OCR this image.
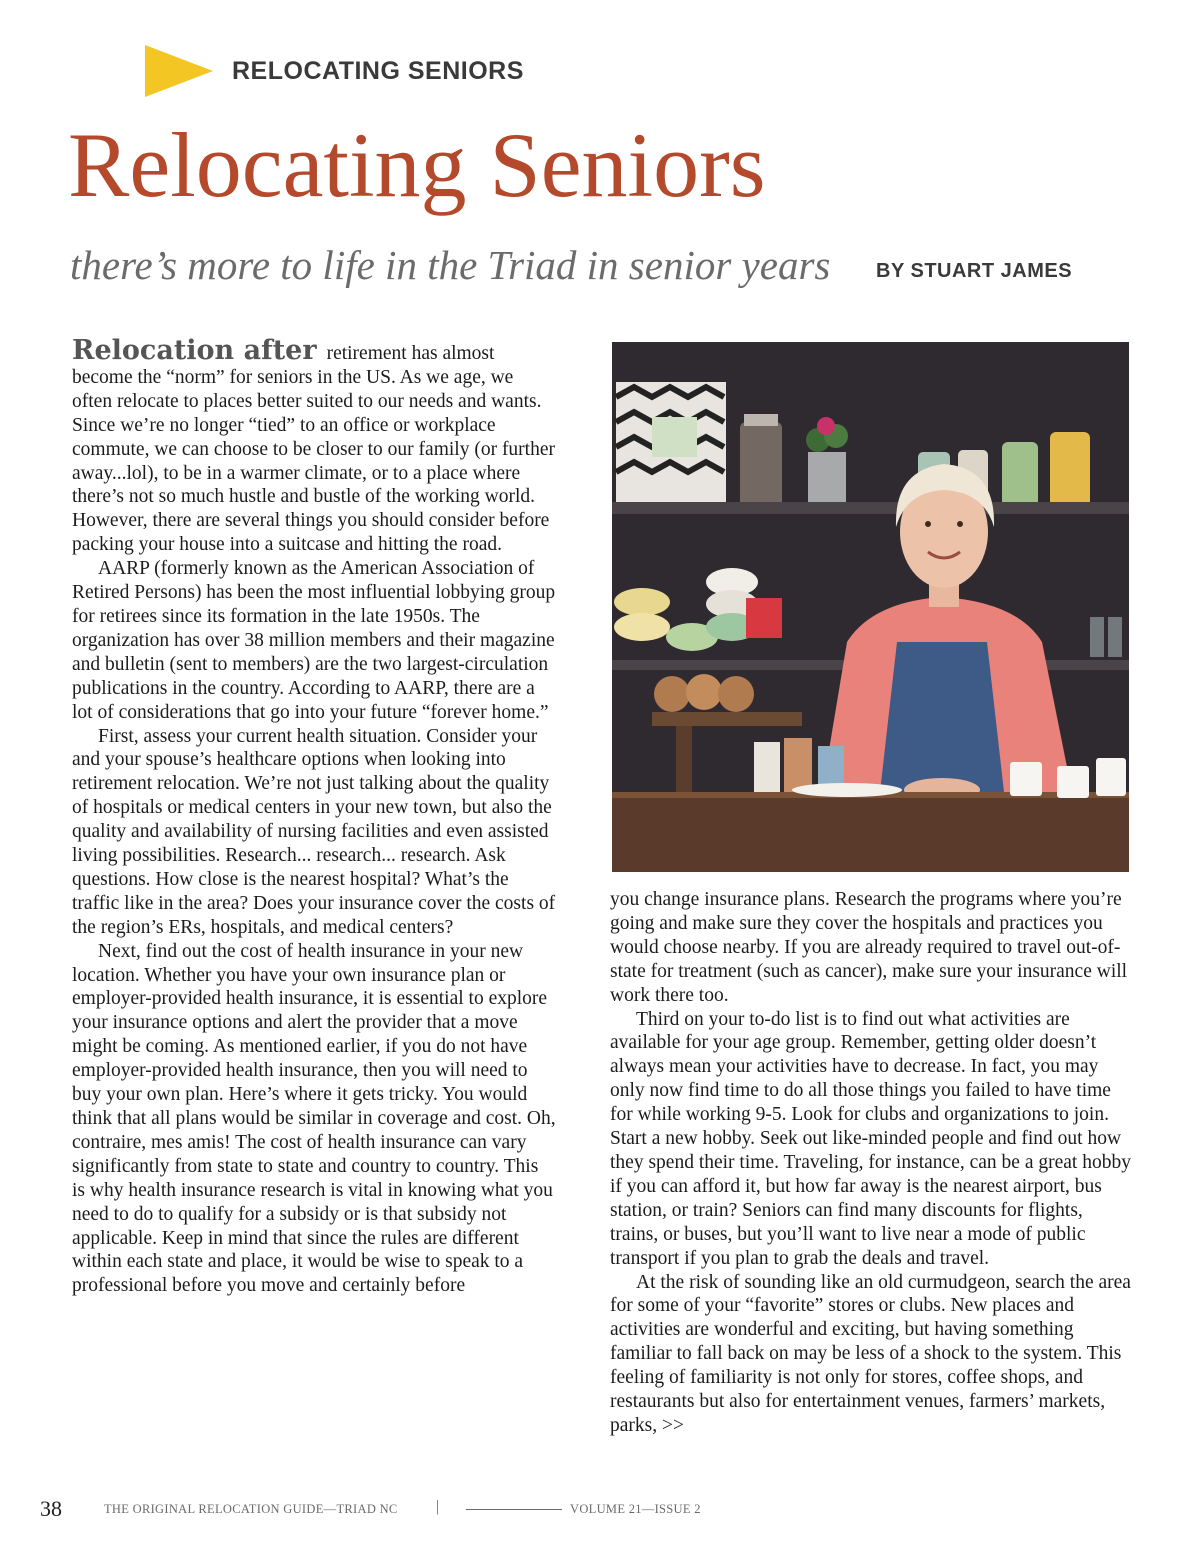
RELOCATING SENIORS
Relocating Seniors
there’s more to life in the Triad in senior years BY STUART JAMES

Relocation after retirement has almost become the “norm” for seniors in the US. As we age, we often relocate to places better suited to our needs and wants. Since we’re no longer “tied” to an office or workplace commute, we can choose to be closer to our family (or further away...lol), to be in a warmer climate, or to a place where there’s not so much hustle and bustle of the working world. However, there are several things you should consider before packing your house into a suitcase and hitting the road.

AARP (formerly known as the American Association of Retired Persons) has been the most influential lobbying group for retirees since its formation in the late 1950s. The organization has over 38 million members and their magazine and bulletin (sent to members) are the two largest-circulation publications in the country. According to AARP, there are a lot of considerations that go into your future “forever home.”

First, assess your current health situation. Consider your and your spouse’s healthcare options when looking into retirement relocation. We’re not just talking about the quality of hospitals or medical centers in your new town, but also the quality and availability of nursing facilities and even assisted living possibilities. Research... research... research. Ask questions. How close is the nearest hospital? What’s the traffic like in the area? Does your insurance cover the costs of the region’s ERs, hospitals, and medical centers?

Next, find out the cost of health insurance in your new location. Whether you have your own insurance plan or employer-provided health insurance, it is essential to explore your insurance options and alert the provider that a move might be coming. As mentioned earlier, if you do not have employer-provided health insurance, then you will need to buy your own plan. Here’s where it gets tricky. You would think that all plans would be similar in coverage and cost. Oh, contraire, mes amis! The cost of health insurance can vary significantly from state to state and country to country. This is why health insurance research is vital in knowing what you need to do to qualify for a subsidy or is that subsidy not applicable. Keep in mind that since the rules are different within each state and place, it would be wise to speak to a professional before you move and certainly before

you change insurance plans. Research the programs where you’re going and make sure they cover the hospitals and practices you would choose nearby. If you are already required to travel out-of-state for treatment (such as cancer), make sure your insurance will work there too.

Third on your to-do list is to find out what activities are available for your age group. Remember, getting older doesn’t always mean your activities have to decrease. In fact, you may only now find time to do all those things you failed to have time for while working 9-5. Look for clubs and organizations to join. Start a new hobby. Seek out like-minded people and find out how they spend their time. Traveling, for instance, can be a great hobby if you can afford it, but how far away is the nearest airport, bus station, or train? Seniors can find many discounts for flights, trains, or buses, but you’ll want to live near a mode of public transport if you plan to grab the deals and travel.

At the risk of sounding like an old curmudgeon, search the area for some of your “favorite” stores or clubs. New places and activities are wonderful and exciting, but having something familiar to fall back on may be less of a shock to the system. This feeling of familiarity is not only for stores, coffee shops, and restaurants but also for entertainment venues, farmers’ markets, parks, >>

38	THE ORIGINAL RELOCATION GUIDE—TRIAD NC |	VOLUME 21—ISSUE 2
